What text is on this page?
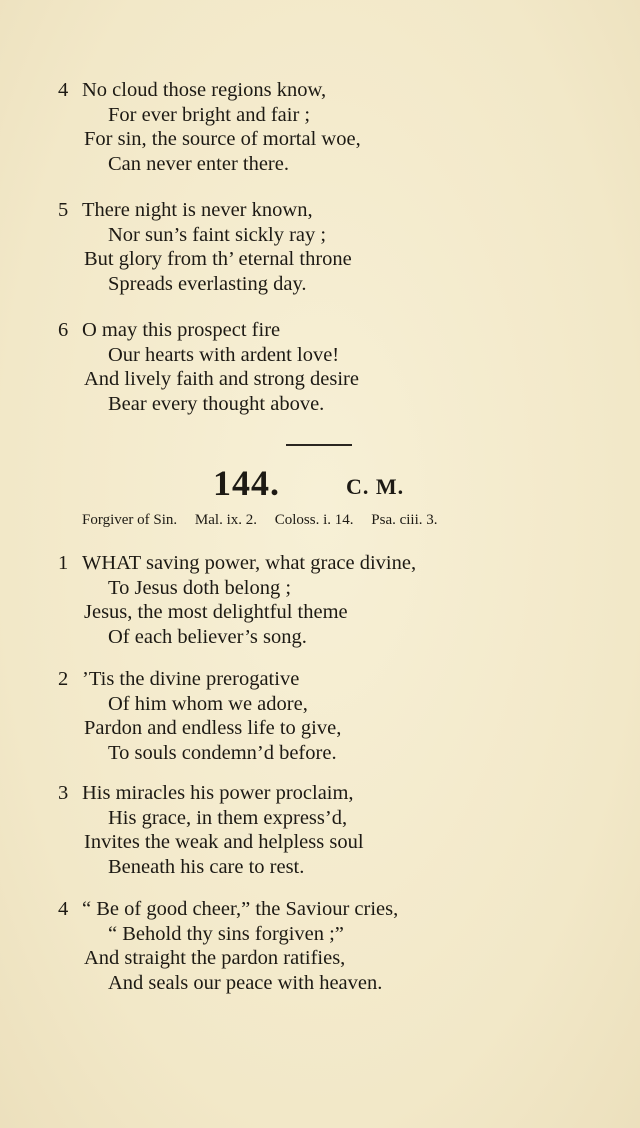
4 No cloud those regions know,
For ever bright and fair ;
For sin, the source of mortal woe,
Can never enter there.
5 There night is never known,
Nor sun’s faint sickly ray ;
But glory from th’ eternal throne
Spreads everlasting day.
6 O may this prospect fire
Our hearts with ardent love!
And lively faith and strong desire
Bear every thought above.
144.	C. M.
Forgiver of Sin. Mal. ix. 2. Coloss. i. 14. Psa. ciii. 3.
1 WHAT saving power, what grace divine,
To Jesus doth belong ;
Jesus, the most delightful theme
Of each believer’s song.
2 ’Tis the divine prerogative
Of him whom we adore,
Pardon and endless life to give,
To souls condemn’d before.
3 His miracles his power proclaim,
His grace, in them express’d,
Invites the weak and helpless soul
Beneath his care to rest.
4 “ Be of good cheer,” the Saviour cries,
“ Behold thy sins forgiven ;”
And straight the pardon ratifies,
And seals our peace with heaven.
